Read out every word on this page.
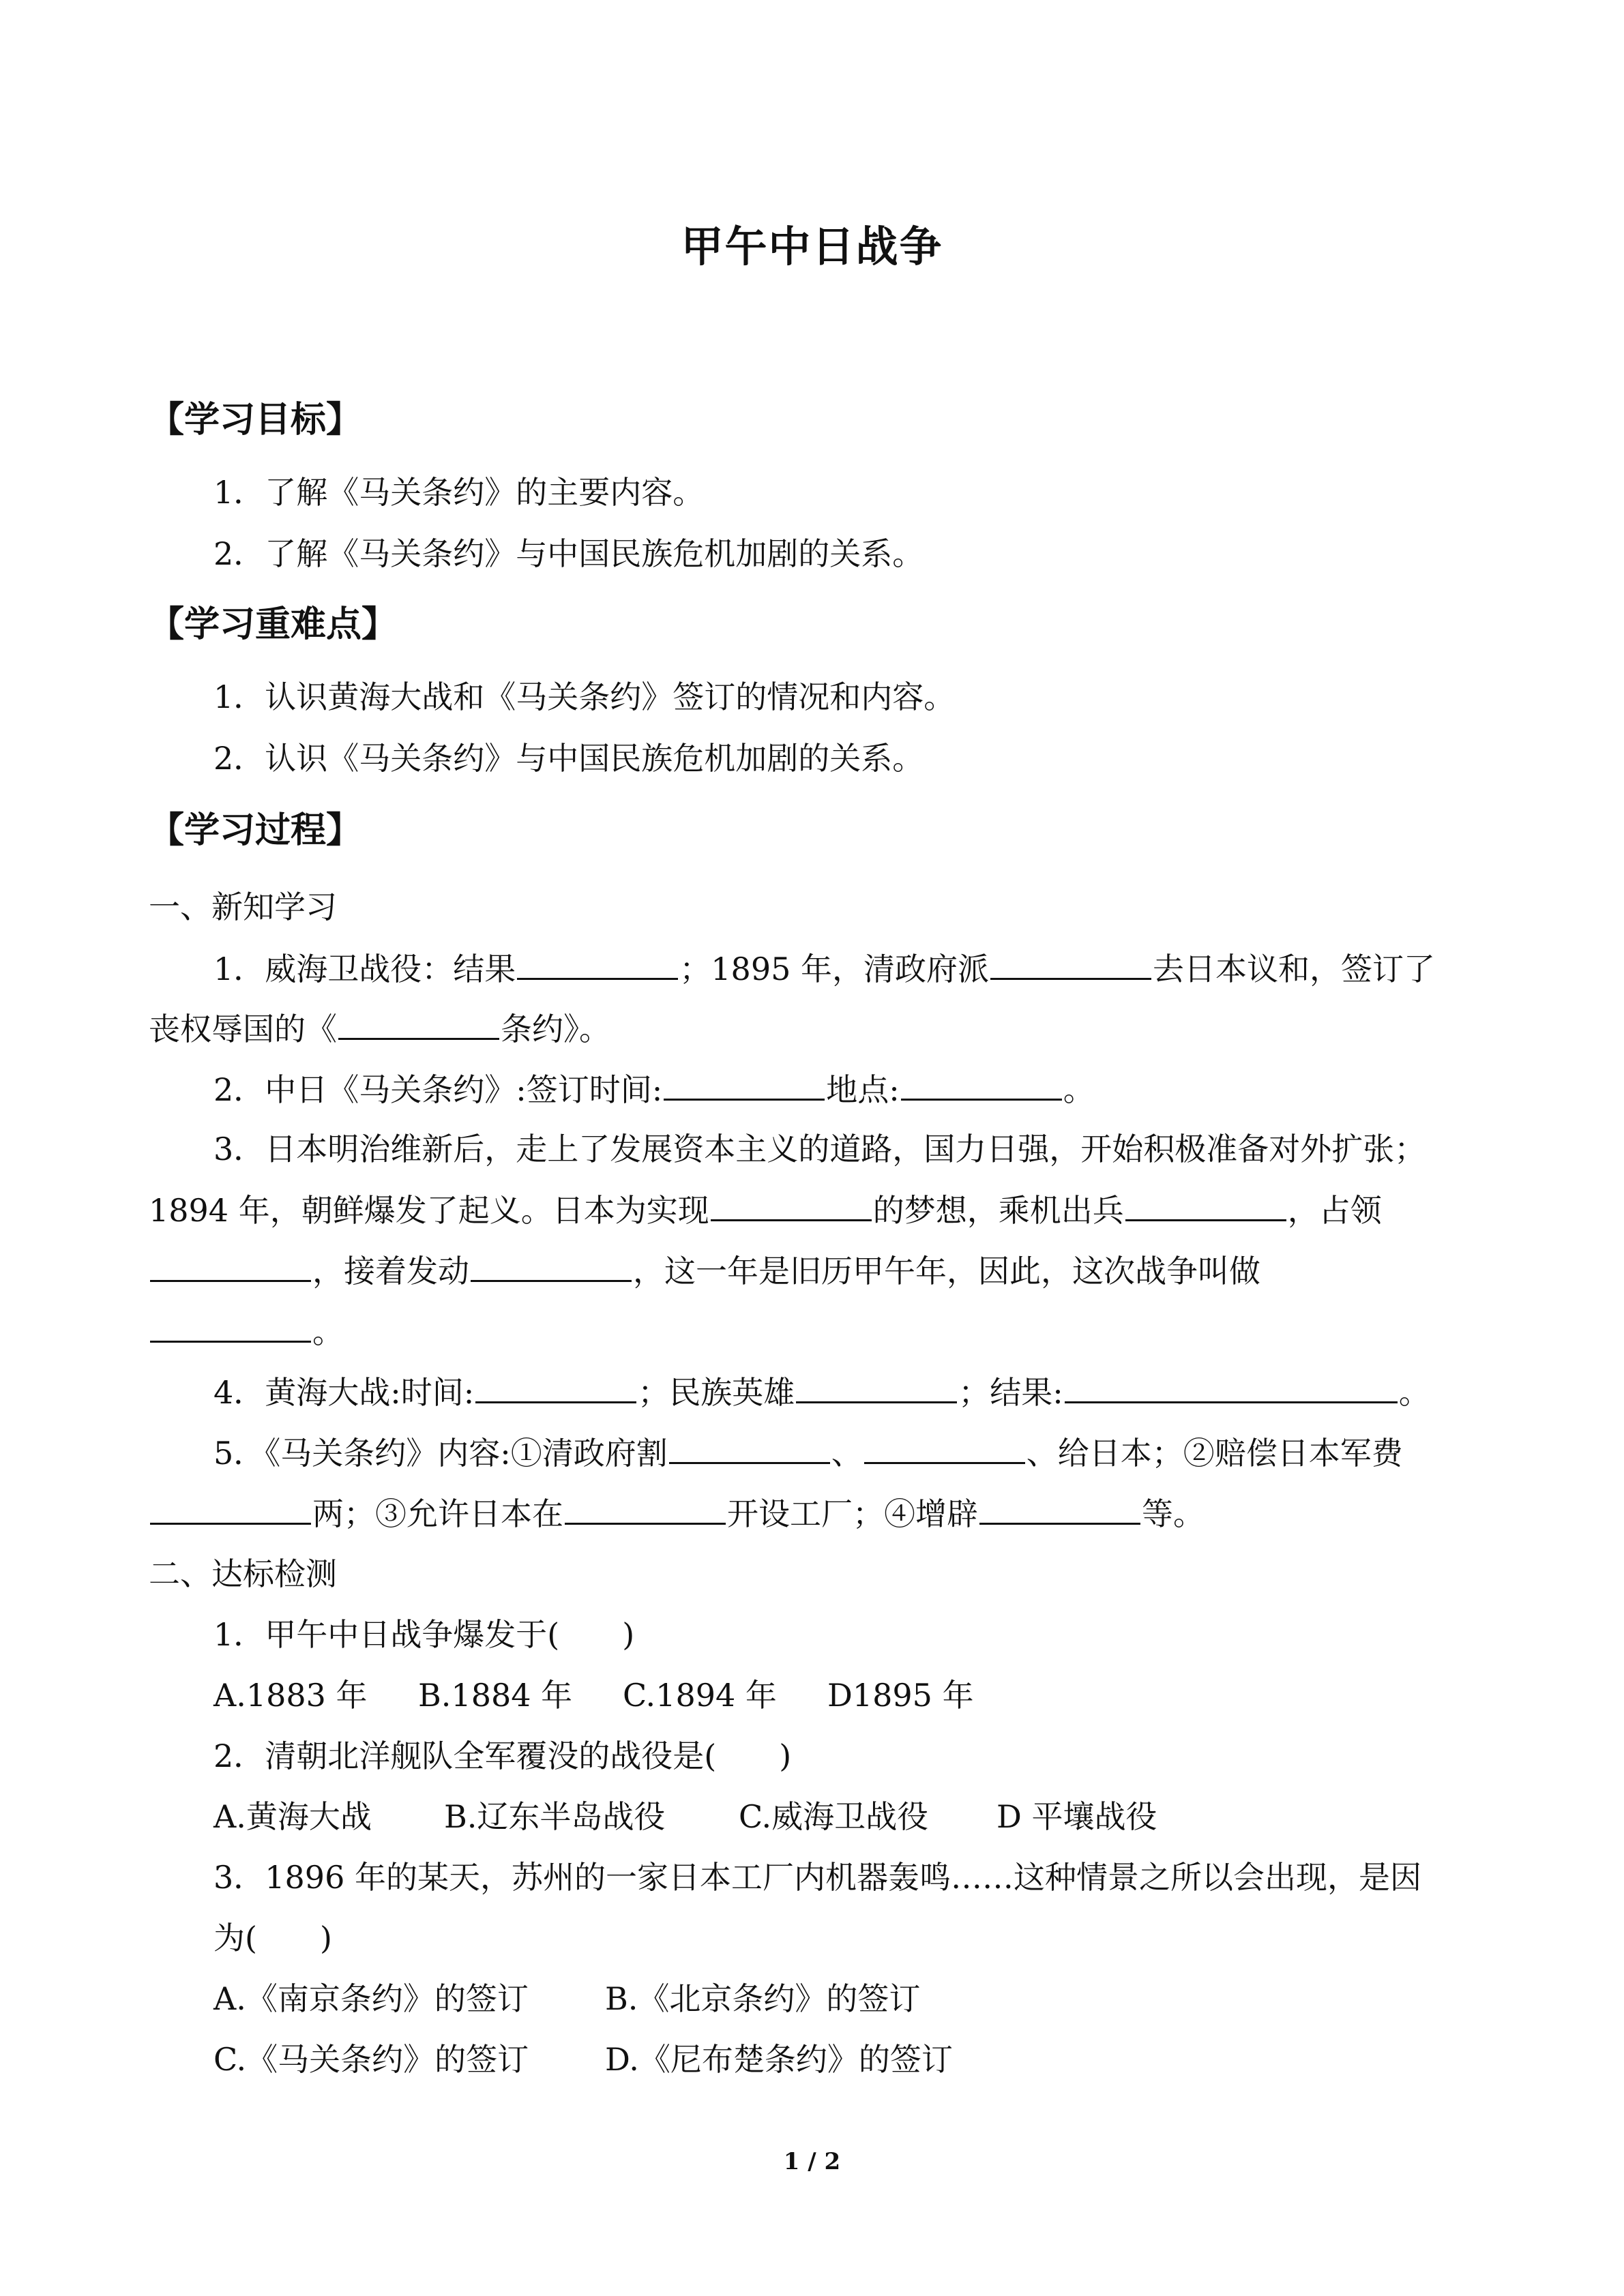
甲午中日战争
【学习目标】
1．了解《马关条约》的主要内容。
2．了解《马关条约》与中国民族危机加剧的关系。
【学习重难点】
1．认识黄海大战和《马关条约》签订的情况和内容。
2．认识《马关条约》与中国民族危机加剧的关系。
【学习过程】
一、新知学习
1．威海卫战役：结果	；1895 年，清政府派	去日本议和，签订了
丧权辱国的《	条约》。
2．中日《马关条约》:签订时间:	地点:	。
3．日本明治维新后，走上了发展资本主义的道路，国力日强，开始积极准备对外扩张；
1894 年，朝鲜爆发了起义。日本为实现	的梦想，乘机出兵	，占领
，接着发动	，这一年是旧历甲午年，因此，这次战争叫做
。
4．黄海大战:时间:	；民族英雄	；结果:	。
5．《马关条约》内容:①清政府割	、	、给日本；②赔偿日本军费
两；③允许日本在	开设工厂；④增辟	等。
二、达标检测
1．甲午中日战争爆发于(　　)
A.1883 年 B.1884 年 C.1894 年 D1895 年
2．清朝北洋舰队全军覆没的战役是(　　)
A.黄海大战 B.辽东半岛战役 C.威海卫战役 D 平壤战役
3．1896 年的某天，苏州的一家日本工厂内机器轰鸣……这种情景之所以会出现，是因
为(　　)
A.《南京条约》的签订 B.《北京条约》的签订
C.《马关条约》的签订 D.《尼布楚条约》的签订
1 / 2
